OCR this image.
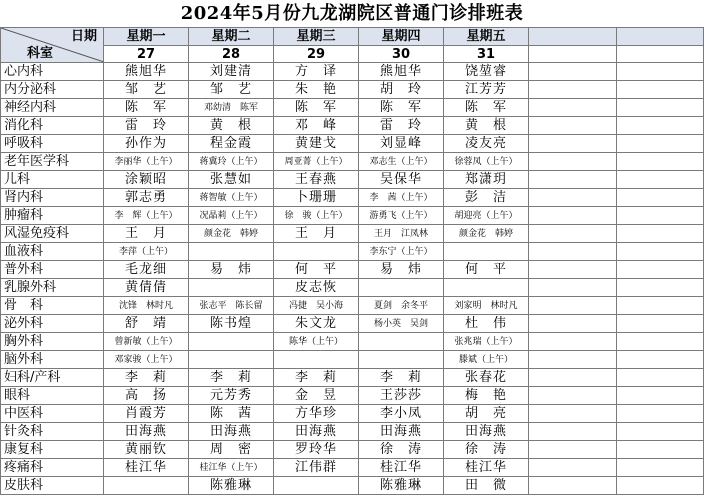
2024年5月份九龙湖院区普通门诊排班表
日期
科室	星期一	星期二	星期三	星期四	星期五		
	27	28	29	30	31		
心内科	熊旭华	刘建清	方　译	熊旭华	饶堃睿		
内分泌科	邹　艺	邹　艺	朱　艳	胡　玲	江芳芳		
神经内科	陈　军	邓幼清　陈军	陈　军	陈　军	陈　军		
消化科	雷　玲	黄　根	邓　峰	雷　玲	黄　根		
呼吸科	孙作为	程金霞	黄建戈	刘显峰	凌友亮		
老年医学科	李丽华（上午）	蒋冀玲（上午）	周亚菁（上午）	邓志生（上午）	徐蓉凤（上午）		
儿科	涂颖昭	张慧如	王春燕	吴保华	郑潇玥		
肾内科	郭志勇	蒋智敏（上午）	卜珊珊	李　茜（上午）	彭　洁		
肿瘤科	李　辉（上午）	况晶莉（上午）	徐　骏（上午）	游勇飞（上午）	胡迎亮（上午）		
风湿免疫科	王　月	颜金花　韩婷	王　月	王月　江凤林	颜金花　韩婷		
血液科	李萍（上午）			李东宁（上午）			
普外科	毛龙细	易　炜	何　平	易　炜	何　平		
乳腺外科	黄倩倩		皮志恢				
骨　科	沈锋　林时凡	张志平　陈长留	冯捷　吴小海	夏剑　余冬平	刘家明　林时凡		
泌外科	舒　靖	陈书煌	朱文龙	杨小英　吴剑	杜　伟		
胸外科	曾新敏（上午）		陈华（上午）		张兆瑞（上午）		
脑外科	邓家骏（上午）				滕斌（上午）		
妇科/产科	李　莉	李　莉	李　莉	李　莉	张春花		
眼科	高　扬	元芳秀	金　昱	王莎莎	梅　艳		
中医科	肖霞芳	陈　茜	方华珍	李小凤	胡　亮		
针灸科	田海燕	田海燕	田海燕	田海燕	田海燕		
康复科	黄丽钦	周　密	罗玲华	徐　涛	徐　涛		
疼痛科	桂江华	桂江华（上午）	江伟群	桂江华	桂江华		
皮肤科		陈雅琳		陈雅琳	田　微		
